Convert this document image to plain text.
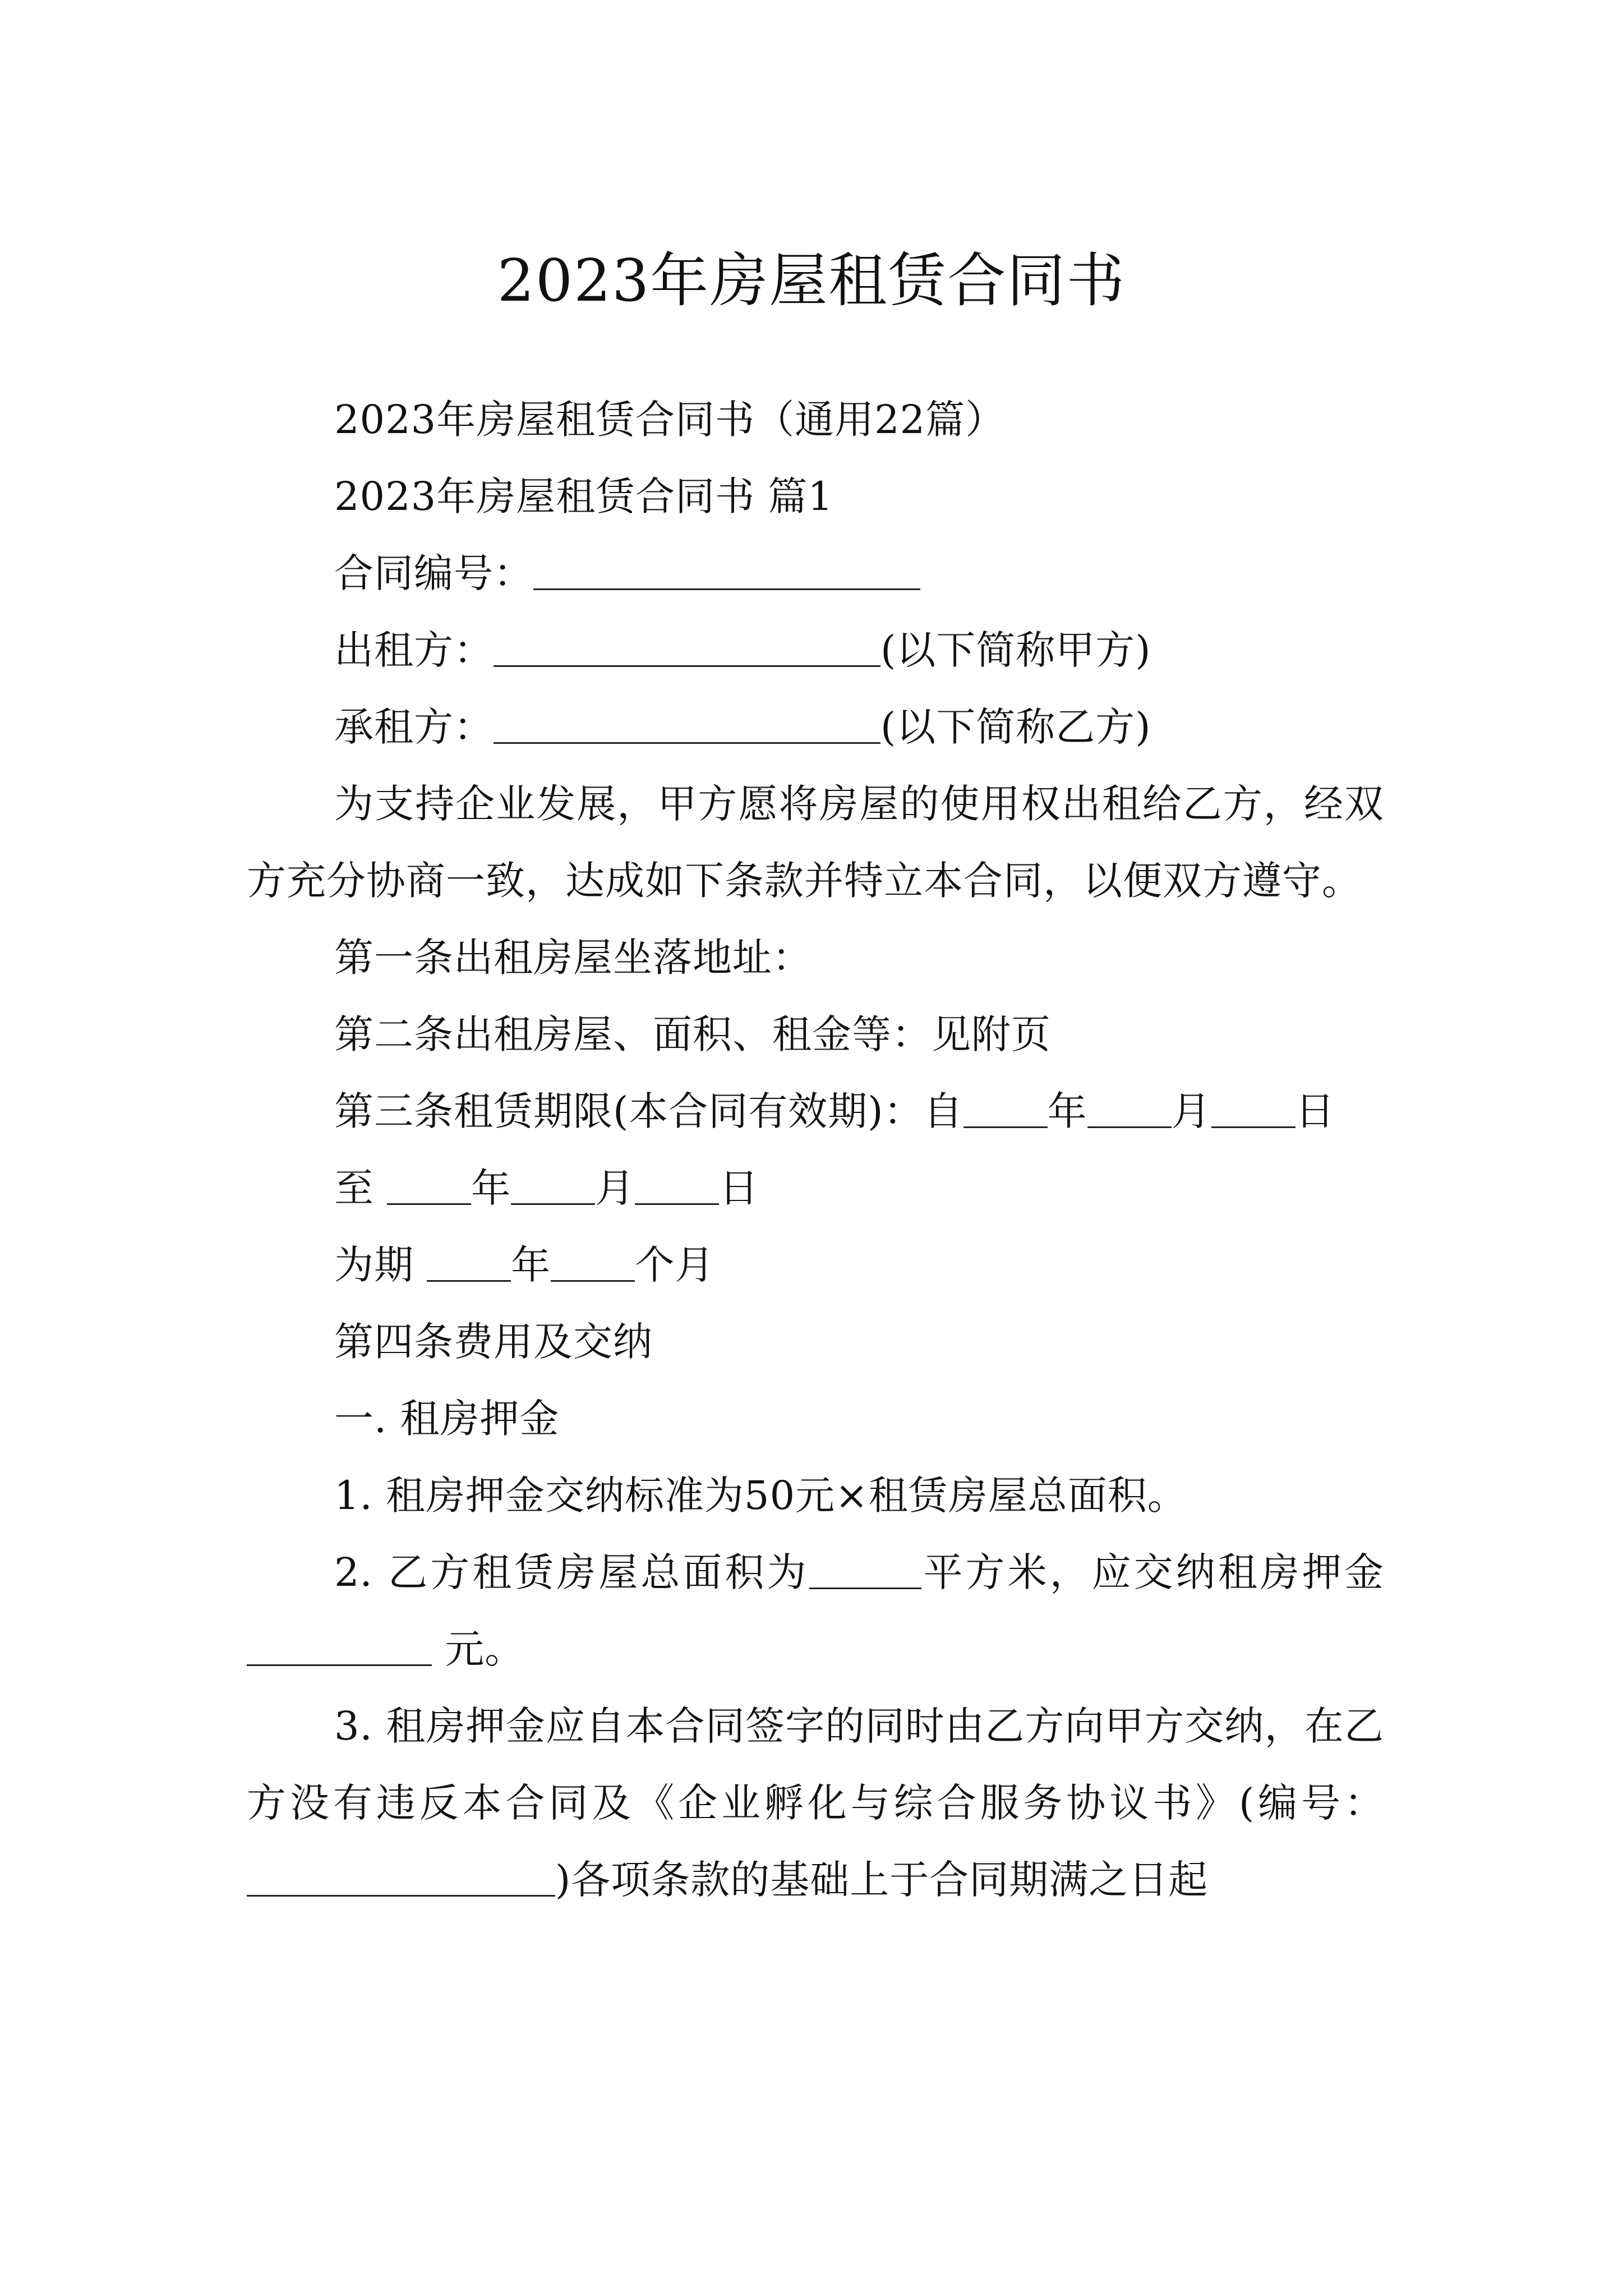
2023年房屋租赁合同书

2023年房屋租赁合同书（通用22篇）

2023年房屋租赁合同书 篇1

合同编号：

出租方：	(以下简称甲方)

承租方：	(以下简称乙方)

为支持企业发展，甲方愿将房屋的使用权出租给乙方，经双方充分协商一致，达成如下条款并特立本合同，以便双方遵守。

第一条出租房屋坐落地址：

第二条出租房屋、面积、租金等：见附页

第三条租赁期限(本合同有效期)：自 年 月 日

至 年 月 日

为期 年 个月

第四条费用及交纳

一. 租房押金

1. 租房押金交纳标准为50元×租赁房屋总面积。

2. 乙方租赁房屋总面积为	平方米，应交纳租房押金 元。

3. 租房押金应自本合同签字的同时由乙方向甲方交纳，在乙方没有违反本合同及《企业孵化与综合服务协议书》(编号：)各项条款的基础上于合同期满之日起
